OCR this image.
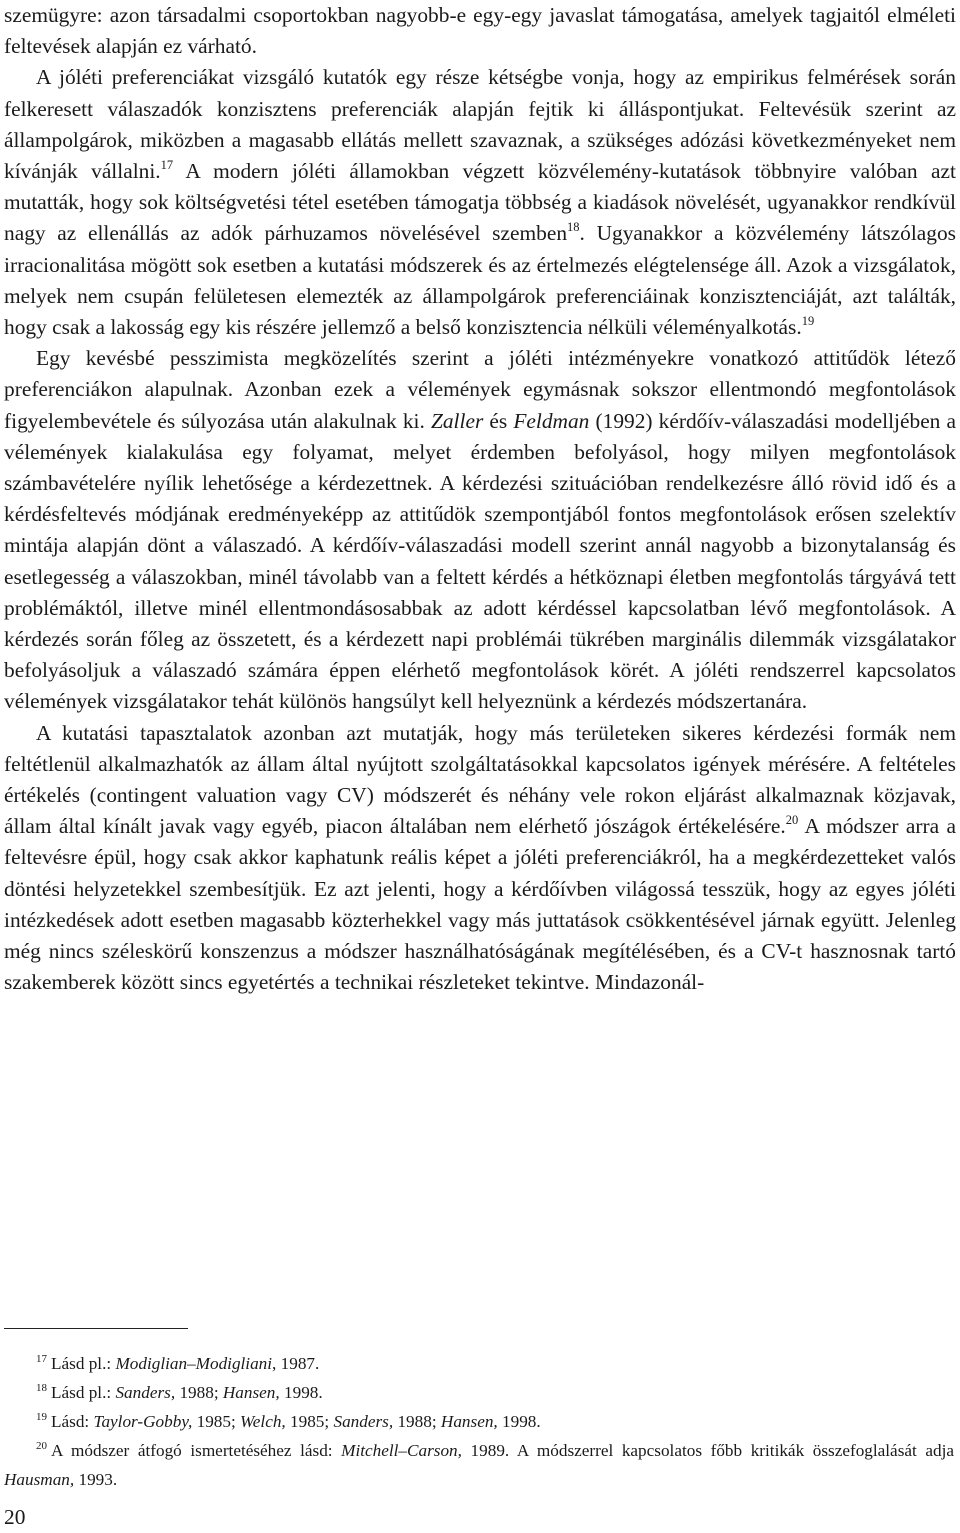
szemügyre: azon társadalmi csoportokban nagyobb-e egy-egy javaslat támogatása, amelyek tagjaitól elméleti feltevések alapján ez várható.

A jóléti preferenciákat vizsgáló kutatók egy része kétségbe vonja, hogy az empirikus felmérések során felkeresett válaszadók konzisztens preferenciák alapján fejtik ki álláspontjukat. Feltevésük szerint az állampolgárok, miközben a magasabb ellátás mellett szavaznak, a szükséges adózási következményeket nem kívánják vállalni.$^{17}$ A modern jóléti államokban végzett közvélemény-kutatások többnyire valóban azt mutatták, hogy sok költségvetési tétel esetében támogatja többség a kiadások növelését, ugyanakkor rendkívül nagy az ellenállás az adók párhuzamos növelésével szemben$^{18}$. Ugyanakkor a közvélemény látszólagos irracionalitása mögött sok esetben a kutatási módszerek és az értelmezés elégtelensége áll. Azok a vizsgálatok, melyek nem csupán felületesen elemezték az állampolgárok preferenciáinak konzisztenciáját, azt találták, hogy csak a lakosság egy kis részére jellemző a belső konzisztencia nélküli véleményalkotás.$^{19}$

Egy kevésbé pesszimista megközelítés szerint a jóléti intézményekre vonatkozó attitűdök létező preferenciákon alapulnak. Azonban ezek a vélemények egymásnak sokszor ellentmondó megfontolások figyelembevétele és súlyozása után alakulnak ki. Zaller és Feldman (1992) kérdőív-válaszadási modelljében a vélemények kialakulása egy folyamat, melyet érdemben befolyásol, hogy milyen megfontolások számbavételére nyílik lehetősége a kérdezettnek. A kérdezési szituációban rendelkezésre álló rövid idő és a kérdésfeltevés módjának eredményeképp az attitűdök szempontjából fontos megfontolások erősen szelektív mintája alapján dönt a válaszadó. A kérdőív-válaszadási modell szerint annál nagyobb a bizonytalanság és esetlegesség a válaszokban, minél távolabb van a feltett kérdés a hétköznapi életben megfontolás tárgyává tett problémáktól, illetve minél ellentmondásosabbak az adott kérdéssel kapcsolatban lévő megfontolások. A kérdezés során főleg az összetett, és a kérdezett napi problémái tükrében marginális dilemmák vizsgálatakor befolyásoljuk a válaszadó számára éppen elérhető megfontolások körét. A jóléti rendszerrel kapcsolatos vélemények vizsgálatakor tehát különös hangsúlyt kell helyeznünk a kérdezés módszertanára.

A kutatási tapasztalatok azonban azt mutatják, hogy más területeken sikeres kérdezési formák nem feltétlenül alkalmazhatók az állam által nyújtott szolgáltatásokkal kapcsolatos igények mérésére. A feltételes értékelés (contingent valuation vagy CV) módszerét és néhány vele rokon eljárást alkalmaznak közjavak, állam által kínált javak vagy egyéb, piacon általában nem elérhető jószágok értékelésére.$^{20}$ A módszer arra a feltevésre épül, hogy csak akkor kaphatunk reális képet a jóléti preferenciákról, ha a megkérdezetteket valós döntési helyzetekkel szembesítjük. Ez azt jelenti, hogy a kérdőívben világossá tesszük, hogy az egyes jóléti intézkedések adott esetben magasabb közterhekkel vagy más juttatások csökkentésével járnak együtt. Jelenleg még nincs széleskörű konszenzus a módszer használhatóságának megítélésében, és a CV-t hasznosnak tartó szakemberek között sincs egyetértés a technikai részleteket tekintve. Mindazonál-

$^{17}$ Lásd pl.: Modiglian–Modigliani, 1987.

$^{18}$ Lásd pl.: Sanders, 1988; Hansen, 1998.

$^{19}$ Lásd: Taylor-Gobby, 1985; Welch, 1985; Sanders, 1988; Hansen, 1998.

$^{20}$ A módszer átfogó ismertetéséhez lásd: Mitchell–Carson, 1989. A módszerrel kapcsolatos főbb kritikák összefoglalását adja Hausman, 1993.

20
